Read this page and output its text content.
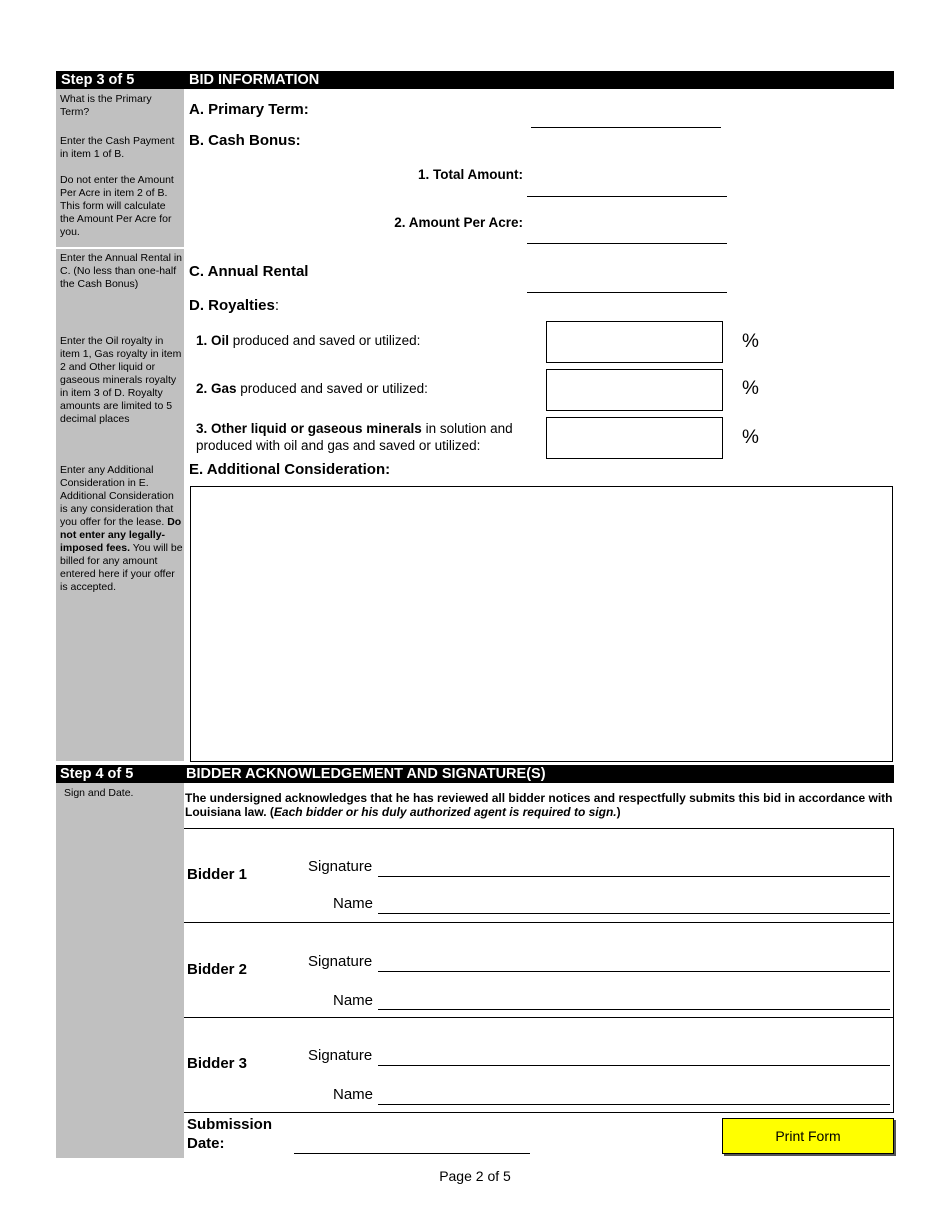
Step 3 of 5	BID INFORMATION
What is the Primary Term?
Enter the Cash Payment in item 1 of B.
Do not enter the Amount Per Acre in item 2 of B. This form will calculate the Amount Per Acre for you.
Enter the Annual Rental in C. (No less than one-half the Cash Bonus)
Enter the Oil royalty in item 1, Gas royalty in item 2 and Other liquid or gaseous minerals royalty in item 3 of D. Royalty amounts are limited to 5 decimal places
Enter any Additional Consideration in E. Additional Consideration is any consideration that you offer for the lease. Do not enter any legally-imposed fees. You will be billed for any amount entered here if your offer is accepted.
A. Primary Term:
B. Cash Bonus:
1. Total Amount:
2. Amount Per Acre:
C. Annual Rental
D. Royalties:
1. Oil produced and saved or utilized:	%
2. Gas produced and saved or utilized:	%
3. Other liquid or gaseous minerals in solution and produced with oil and gas and saved or utilized:	%
E. Additional Consideration:
Step 4 of 5	BIDDER ACKNOWLEDGEMENT AND SIGNATURE(S)
Sign and Date.	The undersigned acknowledges that he has reviewed all bidder notices and respectfully submits this bid in accordance with Louisiana law. (Each bidder or his duly authorized agent is required to sign.)
Bidder 1	Signature
Name
Bidder 2	Signature
Name
Bidder 3	Signature
Name
Submission
Date:	Print Form
Page 2 of 5
